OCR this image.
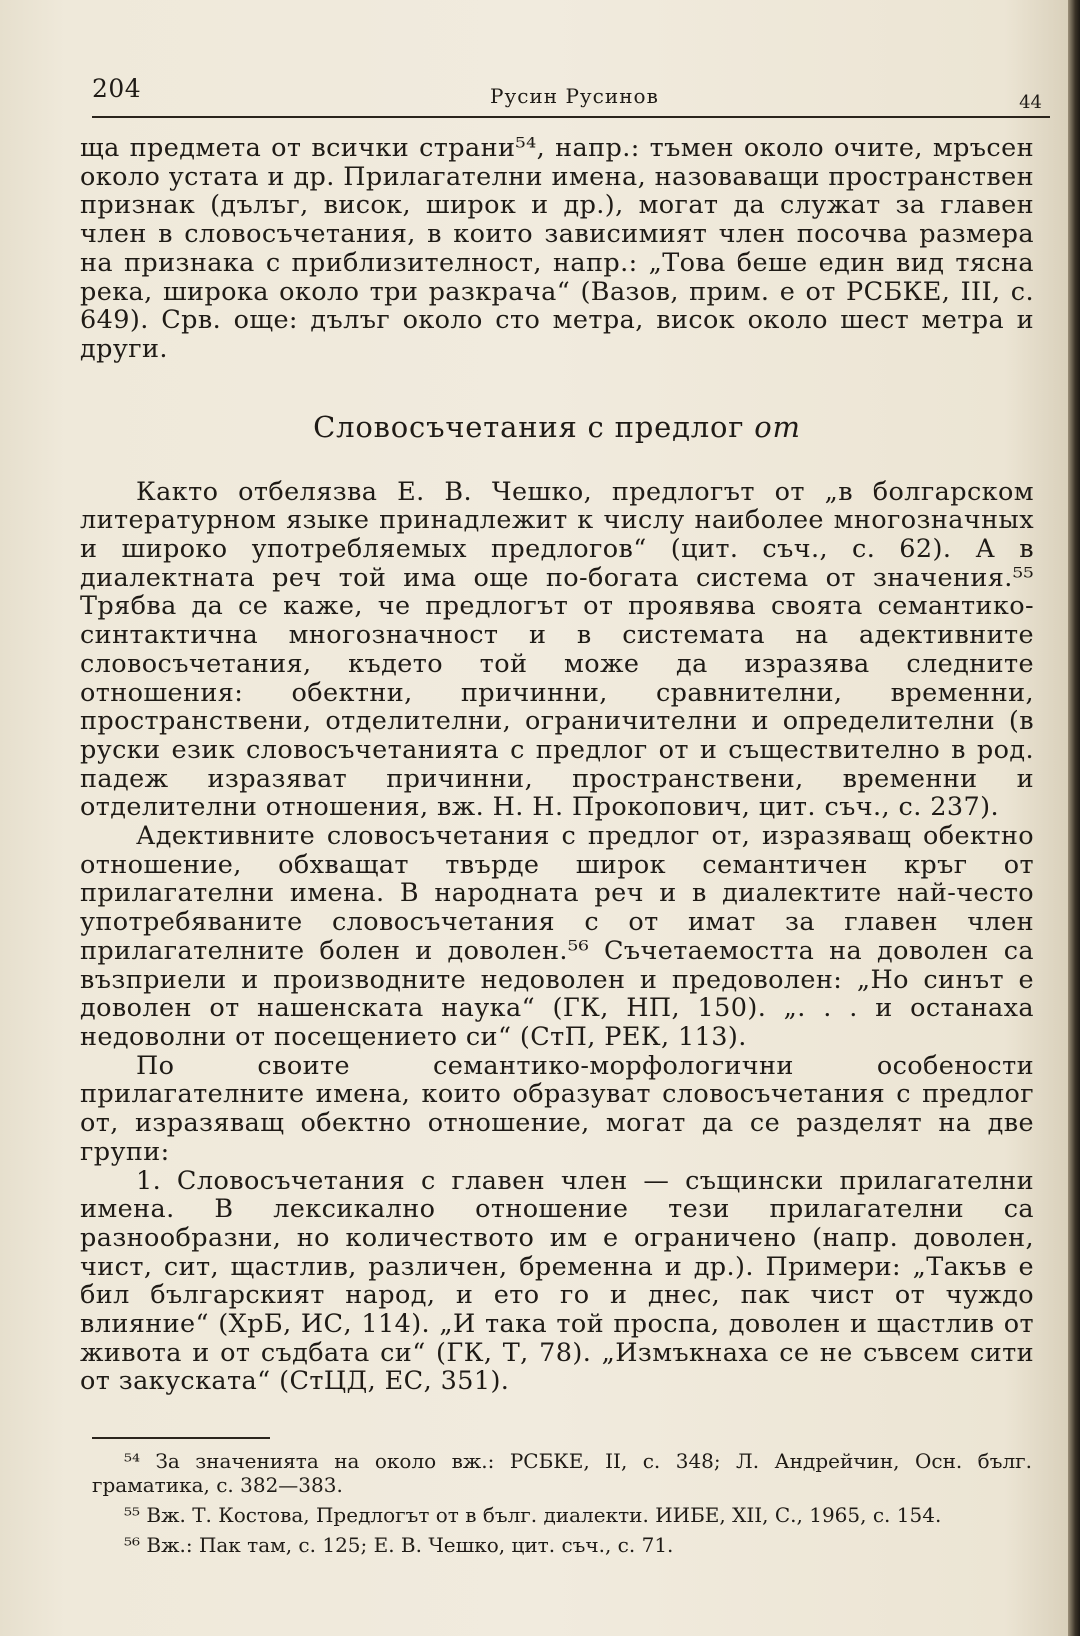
204	Русин Русинов	44

ща предмета от всички страни⁵⁴, напр.: тъмен около очите, мръсен около устата и др. Прилагателни имена, назоваващи пространствен признак (дълъг, висок, широк и др.), могат да служат за главен член в словосъчетания, в които зависимият член посочва размера на признака с приблизителност, напр.: „Това беше един вид тясна река, широка около три разкрача“ (Вазов, прим. е от РСБКЕ, III, с. 649). Срв. още: дълъг около сто метра, висок около шест метра и други.

Словосъчетания с предлог от

Както отбелязва Е. В. Чешко, предлогът от „в болгарском литературном языке принадлежит к числу наиболее многозначных и широко употребляемых предлогов“ (цит. съч., с. 62). А в диалектната реч той има още по-богата система от значения.⁵⁵ Трябва да се каже, че предлогът от проявява своята семантико-синтактична многозначност и в системата на адективните словосъчетания, където той може да изразява следните отношения: обектни, причинни, сравнителни, временни, пространствени, отделителни, ограничителни и определителни (в руски език словосъчетанията с предлог от и съществително в род. падеж изразяват причинни, пространствени, временни и отделителни отношения, вж. Н. Н. Прокопович, цит. съч., с. 237).

Адективните словосъчетания с предлог от, изразяващ обектно отношение, обхващат твърде широк семантичен кръг от прилагателни имена. В народната реч и в диалектите най-често употребяваните словосъчетания с от имат за главен член прилагателните болен и доволен.⁵⁶ Съчетаемостта на доволен са възприели и производните недоволен и предоволен: „Но синът е доволен от нашенската наука“ (ГК, НП, 150). „. . . и останаха недоволни от посещението си“ (СтП, РЕК, 113).

По своите семантико-морфологични особености прилагателните имена, които образуват словосъчетания с предлог от, изразяващ обектно отношение, могат да се разделят на две групи:

1. Словосъчетания с главен член — същински прилагателни имена. В лексикално отношение тези прилагателни са разнообразни, но количеството им е ограничено (напр. доволен, чист, сит, щастлив, различен, бременна и др.). Примери: „Такъв е бил българският народ, и ето го и днес, пак чист от чуждо влияние“ (ХрБ, ИС, 114). „И така той проспа, доволен и щастлив от живота и от съдбата си“ (ГК, Т, 78). „Измъкнаха се не съвсем сити от закуската“ (СтЦД, ЕС, 351).

⁵⁴ За значенията на около вж.: РСБКЕ, II, с. 348; Л. Андрейчин, Осн. бълг. граматика, с. 382—383.

⁵⁵ Вж. Т. Костова, Предлогът от в бълг. диалекти. ИИБЕ, XII, С., 1965, с. 154.

⁵⁶ Вж.: Пак там, с. 125; Е. В. Чешко, цит. съч., с. 71.
